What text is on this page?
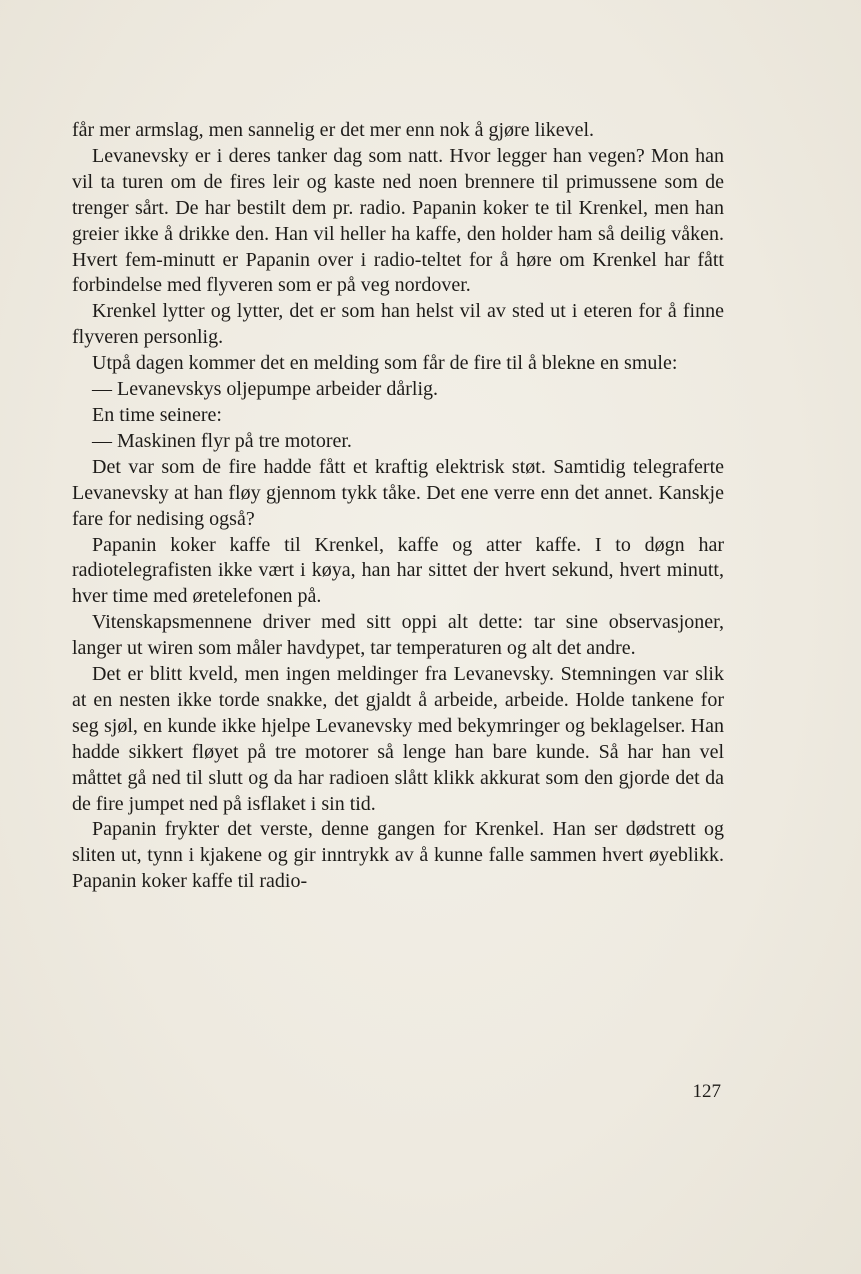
får mer armslag, men sannelig er det mer enn nok å gjøre likevel.

Levanevsky er i deres tanker dag som natt. Hvor legger han vegen? Mon han vil ta turen om de fires leir og kaste ned noen brennere til primussene som de trenger sårt. De har bestilt dem pr. radio. Papanin koker te til Krenkel, men han greier ikke å drikke den. Han vil heller ha kaffe, den holder ham så deilig våken. Hvert fem-minutt er Papanin over i radio-teltet for å høre om Krenkel har fått forbindelse med flyveren som er på veg nordover.

Krenkel lytter og lytter, det er som han helst vil av sted ut i eteren for å finne flyveren personlig.

Utpå dagen kommer det en melding som får de fire til å blekne en smule:

— Levanevskys oljepumpe arbeider dårlig.

En time seinere:

— Maskinen flyr på tre motorer.

Det var som de fire hadde fått et kraftig elektrisk støt. Samtidig telegraferte Levanevsky at han fløy gjennom tykk tåke. Det ene verre enn det annet. Kanskje fare for nedising også?

Papanin koker kaffe til Krenkel, kaffe og atter kaffe. I to døgn har radiotelegrafisten ikke vært i køya, han har sittet der hvert sekund, hvert minutt, hver time med øretelefonen på.

Vitenskapsmennene driver med sitt oppi alt dette: tar sine observasjoner, langer ut wiren som måler havdypet, tar temperaturen og alt det andre.

Det er blitt kveld, men ingen meldinger fra Levanevsky. Stemningen var slik at en nesten ikke torde snakke, det gjaldt å arbeide, arbeide. Holde tankene for seg sjøl, en kunde ikke hjelpe Levanevsky med bekymringer og beklagelser. Han hadde sikkert fløyet på tre motorer så lenge han bare kunde. Så har han vel måttet gå ned til slutt og da har radioen slått klikk akkurat som den gjorde det da de fire jumpet ned på isflaket i sin tid.

Papanin frykter det verste, denne gangen for Krenkel. Han ser dødstrett og sliten ut, tynn i kjakene og gir inntrykk av å kunne falle sammen hvert øyeblikk. Papanin koker kaffe til radio-

127
